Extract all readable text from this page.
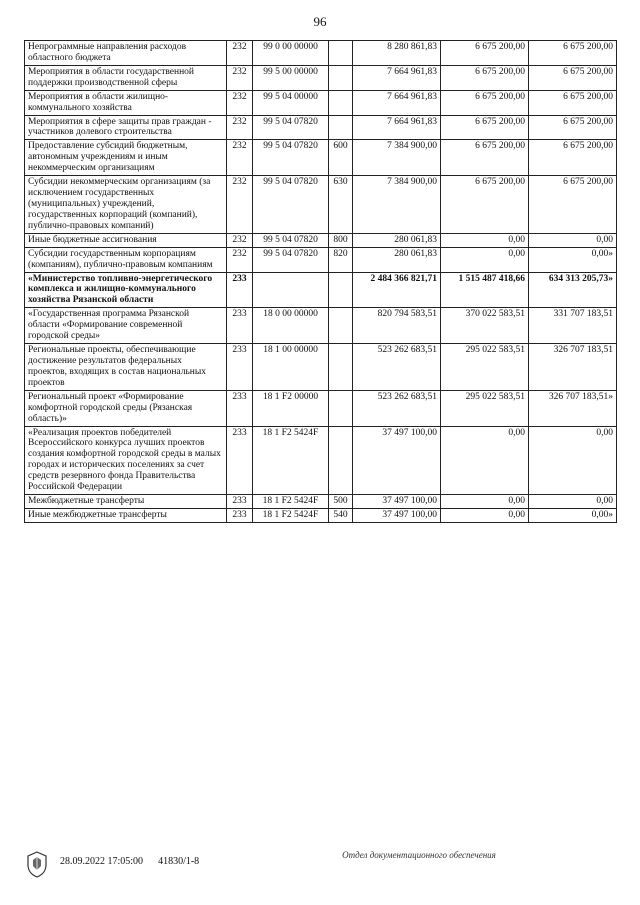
96
Непрограммные направления расходов областного бюджета	232	99 0 00 00000		8 280 861,83	6 675 200,00	6 675 200,00
Мероприятия в области государственной поддержки производственной сферы	232	99 5 00 00000		7 664 961,83	6 675 200,00	6 675 200,00
Мероприятия в области жилищно-коммунального хозяйства	232	99 5 04 00000		7 664 961,83	6 675 200,00	6 675 200,00
Мероприятия в сфере защиты прав граждан - участников долевого строительства	232	99 5 04 07820		7 664 961,83	6 675 200,00	6 675 200,00
Предоставление субсидий бюджетным, автономным учреждениям и иным некоммерческим организациям	232	99 5 04 07820	600	7 384 900,00	6 675 200,00	6 675 200,00
Субсидии некоммерческим организациям (за исключением государственных (муниципальных) учреждений, государственных корпораций (компаний), публично-правовых компаний)	232	99 5 04 07820	630	7 384 900,00	6 675 200,00	6 675 200,00
Иные бюджетные ассигнования	232	99 5 04 07820	800	280 061,83	0,00	0,00
Субсидии государственным корпорациям (компаниям), публично-правовым компаниям	232	99 5 04 07820	820	280 061,83	0,00	0,00»
«Министерство топливно-энергетического комплекса и жилищно-коммунального хозяйства Рязанской области	233			2 484 366 821,71	1 515 487 418,66	634 313 205,73»
«Государственная программа Рязанской области «Формирование современной городской среды»	233	18 0 00 00000		820 794 583,51	370 022 583,51	331 707 183,51
Региональные проекты, обеспечивающие достижение результатов федеральных проектов, входящих в состав национальных проектов	233	18 1 00 00000		523 262 683,51	295 022 583,51	326 707 183,51
Региональный проект «Формирование комфортной городской среды (Рязанская область)»	233	18 1 F2 00000		523 262 683,51	295 022 583,51	326 707 183,51»
«Реализация проектов победителей Всероссийского конкурса лучших проектов создания комфортной городской среды в малых городах и исторических поселениях за счет средств резервного фонда Правительства Российской Федерации	233	18 1 F2 5424F		37 497 100,00	0,00	0,00
Межбюджетные трансферты	233	18 1 F2 5424F	500	37 497 100,00	0,00	0,00
Иные межбюджетные трансферты	233	18 1 F2 5424F	540	37 497 100,00	0,00	0,00»
28.09.2022 17:05:00 41830/1-8
Отдел документационного обеспечения
